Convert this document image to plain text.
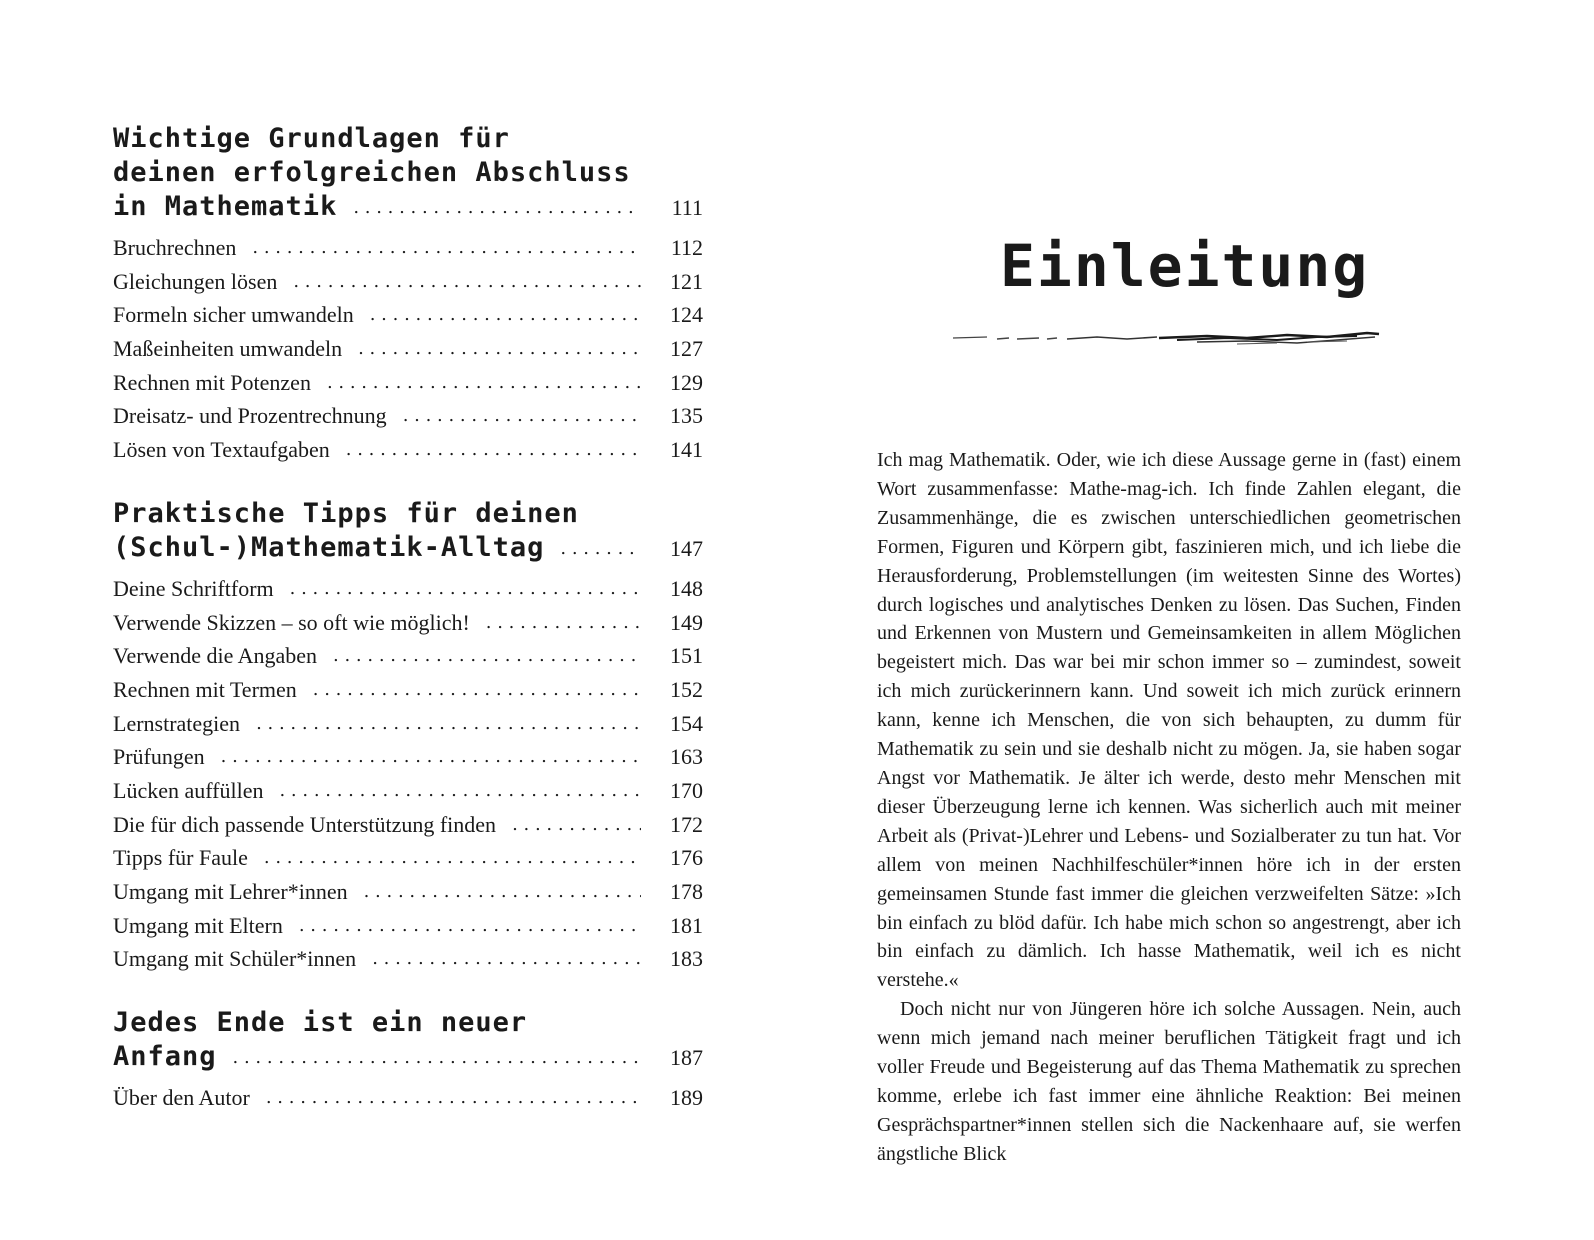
Wichtige Grundlagen für
deinen erfolgreichen Abschluss
in Mathematik . . .	111
Bruchrechnen . . .	112
Gleichungen lösen . . .	121
Formeln sicher umwandeln . . .	124
Maßeinheiten umwandeln . . .	127
Rechnen mit Potenzen . . .	129
Dreisatz- und Prozentrechnung . . .	135
Lösen von Textaufgaben . . .	141
Praktische Tipps für deinen
(Schul-)Mathematik-Alltag . . .	147
Deine Schriftform . . .	148
Verwende Skizzen – so oft wie möglich! . . .	149
Verwende die Angaben . . .	151
Rechnen mit Termen . . .	152
Lernstrategien . . .	154
Prüfungen . . .	163
Lücken auffüllen . . .	170
Die für dich passende Unterstützung finden . . .	172
Tipps für Faule . . .	176
Umgang mit Lehrer*innen . . .	178
Umgang mit Eltern . . .	181
Umgang mit Schüler*innen . . .	183
Jedes Ende ist ein neuer
Anfang . . .	187
Über den Autor . . .	189
Einleitung

Ich mag Mathematik. Oder, wie ich diese Aussage gerne in (fast) einem Wort zusammenfasse: Mathe-mag-ich. Ich finde Zahlen elegant, die Zusammenhänge, die es zwischen unterschiedlichen geometrischen Formen, Figuren und Körpern gibt, faszinieren mich, und ich liebe die Herausforderung, Problemstellungen (im weitesten Sinne des Wortes) durch logisches und analytisches Denken zu lösen. Das Suchen, Finden und Erkennen von Mustern und Gemeinsamkeiten in allem Möglichen begeistert mich. Das war bei mir schon immer so – zumindest, soweit ich mich zurückerinnern kann. Und soweit ich mich zurück erinnern kann, kenne ich Menschen, die von sich behaupten, zu dumm für Mathematik zu sein und sie deshalb nicht zu mögen. Ja, sie haben sogar Angst vor Mathematik. Je älter ich werde, desto mehr Menschen mit dieser Überzeugung lerne ich kennen. Was sicherlich auch mit meiner Arbeit als (Privat-)Lehrer und Lebens- und Sozialberater zu tun hat. Vor allem von meinen Nachhilfeschüler*innen höre ich in der ersten gemeinsamen Stunde fast immer die gleichen verzweifelten Sätze: »Ich bin einfach zu blöd dafür. Ich habe mich schon so angestrengt, aber ich bin einfach zu dämlich. Ich hasse Mathematik, weil ich es nicht verstehe.«

Doch nicht nur von Jüngeren höre ich solche Aussagen. Nein, auch wenn mich jemand nach meiner beruflichen Tätigkeit fragt und ich voller Freude und Begeisterung auf das Thema Mathematik zu sprechen komme, erlebe ich fast immer eine ähnliche Reaktion: Bei meinen Gesprächspartner*innen stellen sich die Nackenhaare auf, sie werfen ängstliche Blick
